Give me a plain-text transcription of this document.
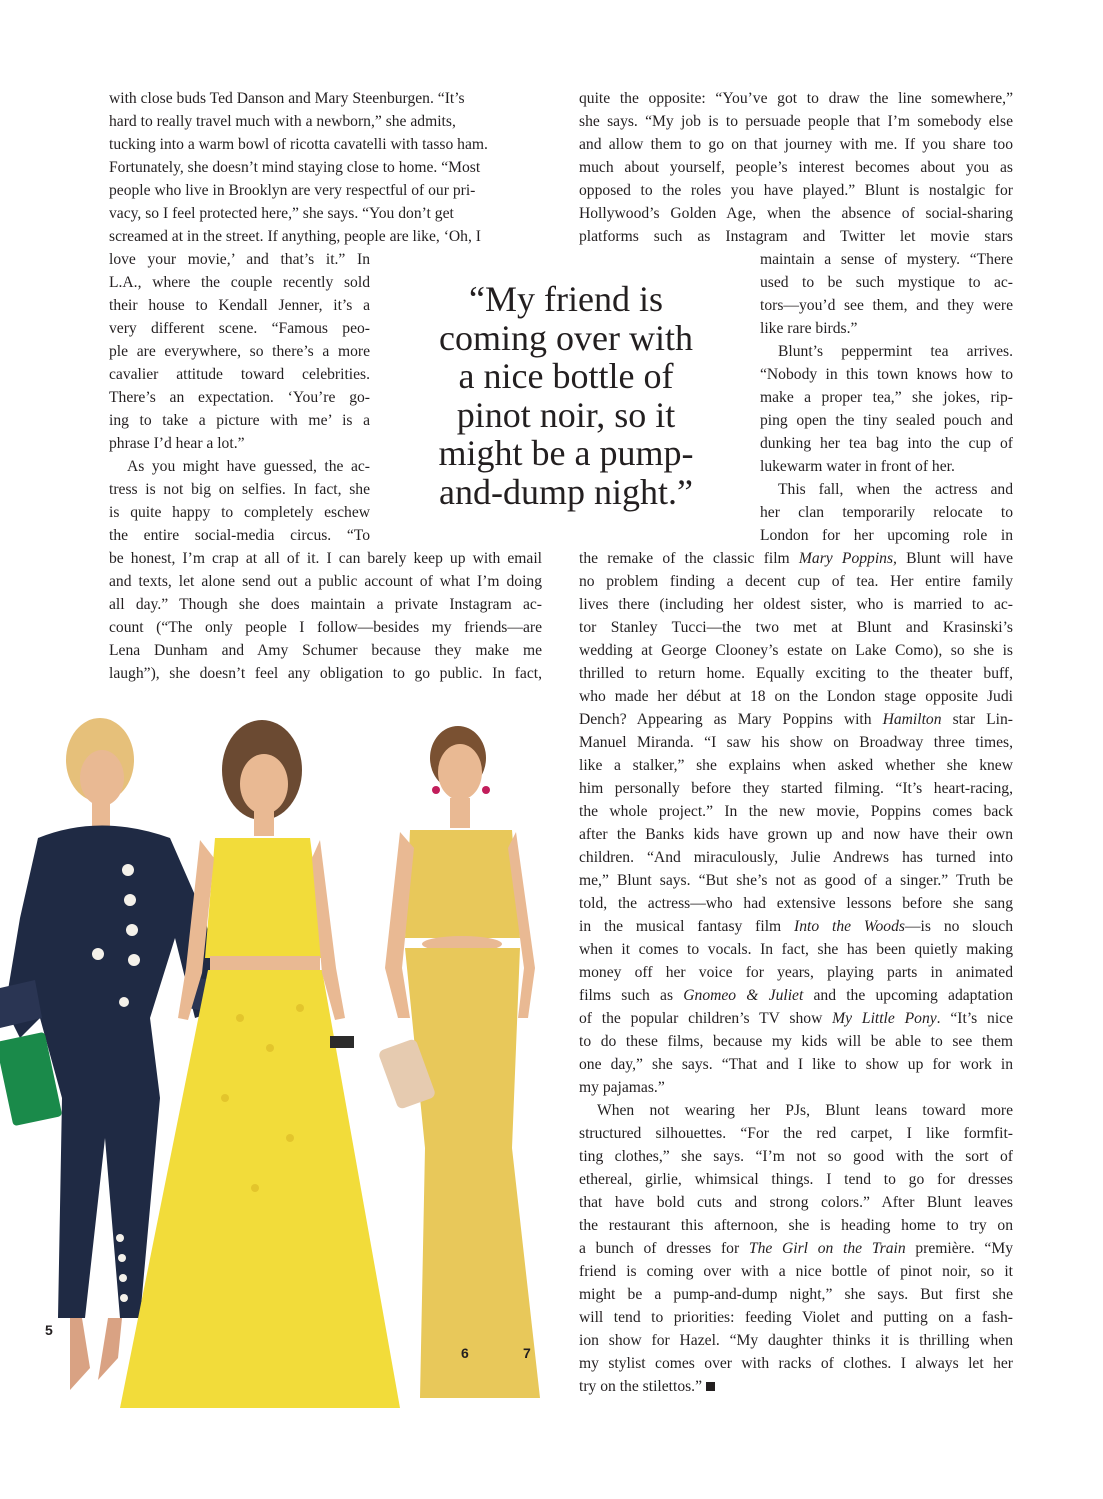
with close buds Ted Danson and Mary Steenburgen. “It’s

hard to really travel much with a newborn,” she admits,

tucking into a warm bowl of ricotta cavatelli with tasso ham.

Fortunately, she doesn’t mind staying close to home. “Most

people who live in Brooklyn are very respectful of our pri-

vacy, so I feel protected here,” she says. “You don’t get

screamed at in the street. If anything, people are like, ‘Oh, I

love your movie,’ and that’s it.” In

L.A., where the couple recently sold

their house to Kendall Jenner, it’s a

very different scene. “Famous peo-

ple are everywhere, so there’s a more

cavalier attitude toward celebrities.

There’s an expectation. ‘You’re go-

ing to take a picture with me’ is a

phrase I’d hear a lot.”

As you might have guessed, the ac-

tress is not big on selfies. In fact, she

is quite happy to completely eschew

the entire social-media circus. “To

be honest, I’m crap at all of it. I can barely keep up with email

and texts, let alone send out a public account of what I’m doing

all day.” Though she does maintain a private Instagram ac-

count (“The only people I follow—besides my friends—are

Lena Dunham and Amy Schumer because they make me

laugh”), she doesn’t feel any obligation to go public. In fact,

“My friend is
coming over with
a nice bottle of
pinot noir, so it
might be a pump-
and-dump night.”

quite the opposite: “You’ve got to draw the line somewhere,”

she says. “My job is to persuade people that I’m somebody else

and allow them to go on that journey with me. If you share too

much about yourself, people’s interest becomes about you as

opposed to the roles you have played.” Blunt is nostalgic for

Hollywood’s Golden Age, when the absence of social-sharing

platforms such as Instagram and Twitter let movie stars

maintain a sense of mystery. “There

used to be such mystique to ac-

tors—you’d see them, and they were

like rare birds.”

Blunt’s peppermint tea arrives.

“Nobody in this town knows how to

make a proper tea,” she jokes, rip-

ping open the tiny sealed pouch and

dunking her tea bag into the cup of

lukewarm water in front of her.

This fall, when the actress and

her clan temporarily relocate to

London for her upcoming role in

the remake of the classic film Mary Poppins, Blunt will have

no problem finding a decent cup of tea. Her entire family

lives there (including her oldest sister, who is married to ac-

tor Stanley Tucci—the two met at Blunt and Krasinski’s

wedding at George Clooney’s estate on Lake Como), so she is

thrilled to return home. Equally exciting to the theater buff,

who made her début at 18 on the London stage opposite Judi

Dench? Appearing as Mary Poppins with Hamilton star Lin-

Manuel Miranda. “I saw his show on Broadway three times,

like a stalker,” she explains when asked whether she knew

him personally before they started filming. “It’s heart-racing,

the whole project.” In the new movie, Poppins comes back

after the Banks kids have grown up and now have their own

children. “And miraculously, Julie Andrews has turned into

me,” Blunt says. “But she’s not as good of a singer.” Truth be

told, the actress—who had extensive lessons before she sang

in the musical fantasy film Into the Woods—is no slouch

when it comes to vocals. In fact, she has been quietly making

money off her voice for years, playing parts in animated

films such as Gnomeo & Juliet and the upcoming adaptation

of the popular children’s TV show My Little Pony. “It’s nice

to do these films, because my kids will be able to see them

one day,” she says. “That and I like to show up for work in

my pajamas.”

When not wearing her PJs, Blunt leans toward more

structured silhouettes. “For the red carpet, I like formfit-

ting clothes,” she says. “I’m not so good with the sort of

ethereal, girlie, whimsical things. I tend to go for dresses

that have bold cuts and strong colors.” After Blunt leaves

the restaurant this afternoon, she is heading home to try on

a bunch of dresses for The Girl on the Train première. “My

friend is coming over with a nice bottle of pinot noir, so it

might be a pump-and-dump night,” she says. But first she

will tend to priorities: feeding Violet and putting on a fash-

ion show for Hazel. “My daughter thinks it is thrilling when

my stylist comes over with racks of clothes. I always let her

try on the stilettos.”

5
6	7
